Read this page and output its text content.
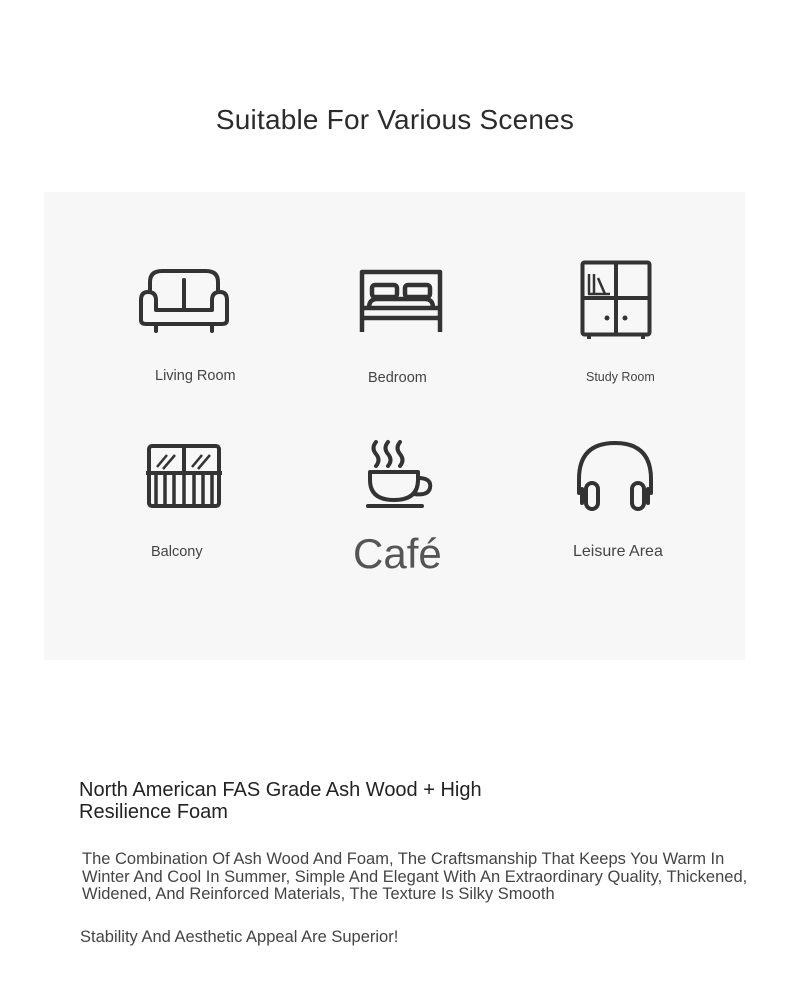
Suitable For Various Scenes
Living Room	Bedroom	Study Room
Balcony	Café	Leisure Area
North American FAS Grade Ash Wood + High Resilience Foam
The Combination Of Ash Wood And Foam, The Craftsmanship That Keeps You Warm In Winter And Cool In Summer, Simple And Elegant With An Extraordinary Quality, Thickened, Widened, And Reinforced Materials, The Texture Is Silky Smooth
Stability And Aesthetic Appeal Are Superior!
